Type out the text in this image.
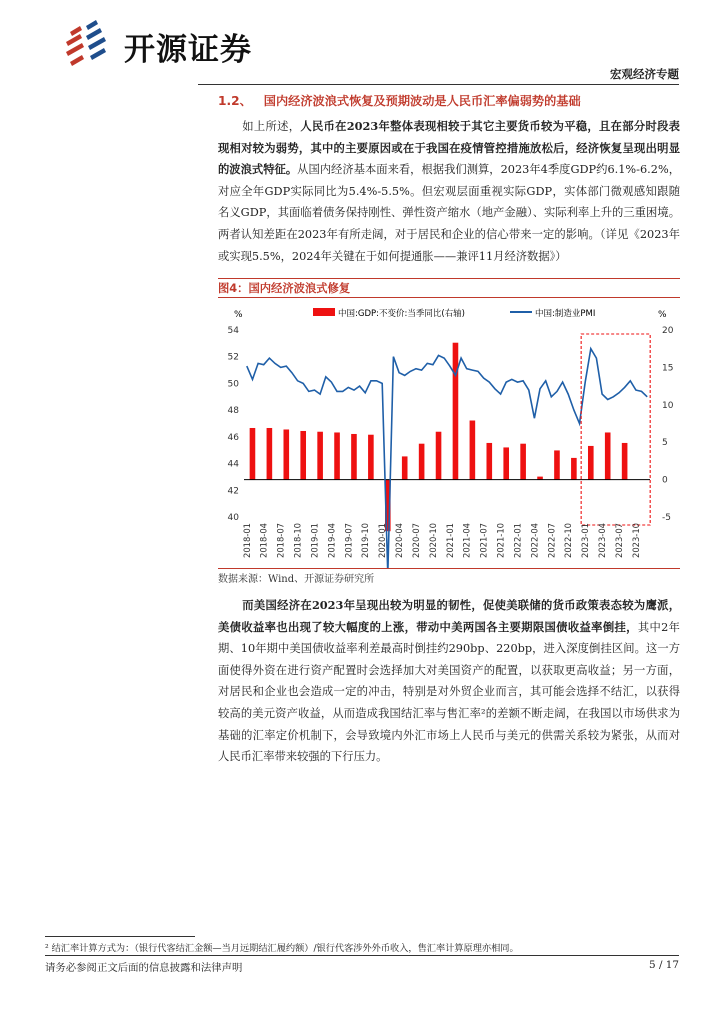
开源证券
宏观经济专题
1.2、 国内经济波浪式恢复及预期波动是人民币汇率偏弱势的基础
如上所述，人民币在2023年整体表现相较于其它主要货币较为平稳，且在部分时段表现相对较为弱势，其中的主要原因或在于我国在疫情管控措施放松后，经济恢复呈现出明显的波浪式特征。从国内经济基本面来看，根据我们测算，2023年4季度GDP约6.1%-6.2%，对应全年GDP实际同比为5.4%-5.5%。但宏观层面重视实际GDP，实体部门微观感知跟随名义GDP，其面临着债务保持刚性、弹性资产缩水（地产金融）、实际利率上升的三重困境。两者认知差距在2023年有所走阔，对于居民和企业的信心带来一定的影响。（详见《2023年或实现5.5%，2024年关键在于如何提通胀——兼评11月经济数据》）
图4：国内经济波浪式修复
中国:GDP:不变价:当季同比(右轴)	中国:制造业PMI
%	%
54
52
50
48
46
44
42
40
20
15
10
5
0
-5
2018-01 2018-04 2018-07 2018-10 2019-01 2019-04 2019-07 2019-10 2020-01 2020-04 2020-07 2020-10 2021-01 2021-04 2021-07 2021-10 2022-01 2022-04 2022-07 2022-10 2023-01 2023-04 2023-07 2023-10
数据来源：Wind、开源证券研究所
而美国经济在2023年呈现出较为明显的韧性，促使美联储的货币政策表态较为鹰派，美债收益率也出现了较大幅度的上涨，带动中美两国各主要期限国债收益率倒挂，其中2年期、10年期中美国债收益率利差最高时倒挂约290bp、220bp，进入深度倒挂区间。这一方面使得外资在进行资产配置时会选择加大对美国资产的配置，以获取更高收益；另一方面，对居民和企业也会造成一定的冲击，特别是对外贸企业而言，其可能会选择不结汇，以获得较高的美元资产收益，从而造成我国结汇率与售汇率²的差额不断走阔，在我国以市场供求为基础的汇率定价机制下，会导致境内外汇市场上人民币与美元的供需关系较为紧张，从而对人民币汇率带来较强的下行压力。
² 结汇率计算方式为：（银行代客结汇金额—当月远期结汇履约额）/银行代客涉外外币收入，售汇率计算原理亦相同。
请务必参阅正文后面的信息披露和法律声明	5 / 17
